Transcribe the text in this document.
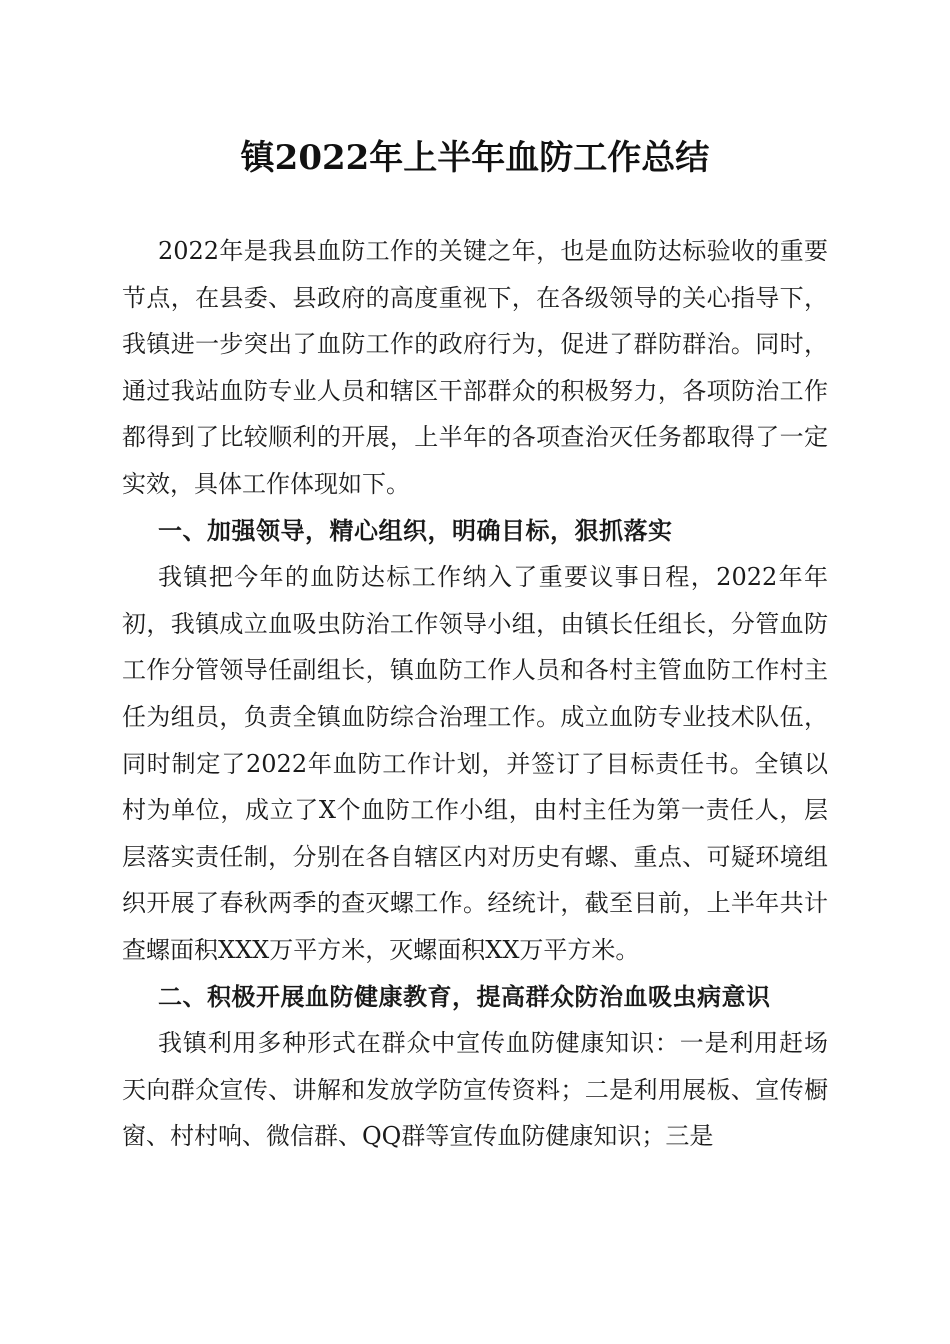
镇2022年上半年血防工作总结

2022年是我县血防工作的关键之年，也是血防达标验收的重要节点，在县委、县政府的高度重视下，在各级领导的关心指导下，我镇进一步突出了血防工作的政府行为，促进了群防群治。同时，通过我站血防专业人员和辖区干部群众的积极努力，各项防治工作都得到了比较顺利的开展，上半年的各项查治灭任务都取得了一定实效，具体工作体现如下。

一、加强领导，精心组织，明确目标，狠抓落实

我镇把今年的血防达标工作纳入了重要议事日程，2022年年初，我镇成立血吸虫防治工作领导小组，由镇长任组长，分管血防工作分管领导任副组长，镇血防工作人员和各村主管血防工作村主任为组员，负责全镇血防综合治理工作。成立血防专业技术队伍，同时制定了2022年血防工作计划，并签订了目标责任书。全镇以村为单位，成立了X个血防工作小组，由村主任为第一责任人，层层落实责任制，分别在各自辖区内对历史有螺、重点、可疑环境组织开展了春秋两季的查灭螺工作。经统计，截至目前，上半年共计查螺面积XXX万平方米，灭螺面积XX万平方米。

二、积极开展血防健康教育，提高群众防治血吸虫病意识

我镇利用多种形式在群众中宣传血防健康知识：一是利用赶场天向群众宣传、讲解和发放学防宣传资料；二是利用展板、宣传橱窗、村村响、微信群、QQ群等宣传血防健康知识；三是
